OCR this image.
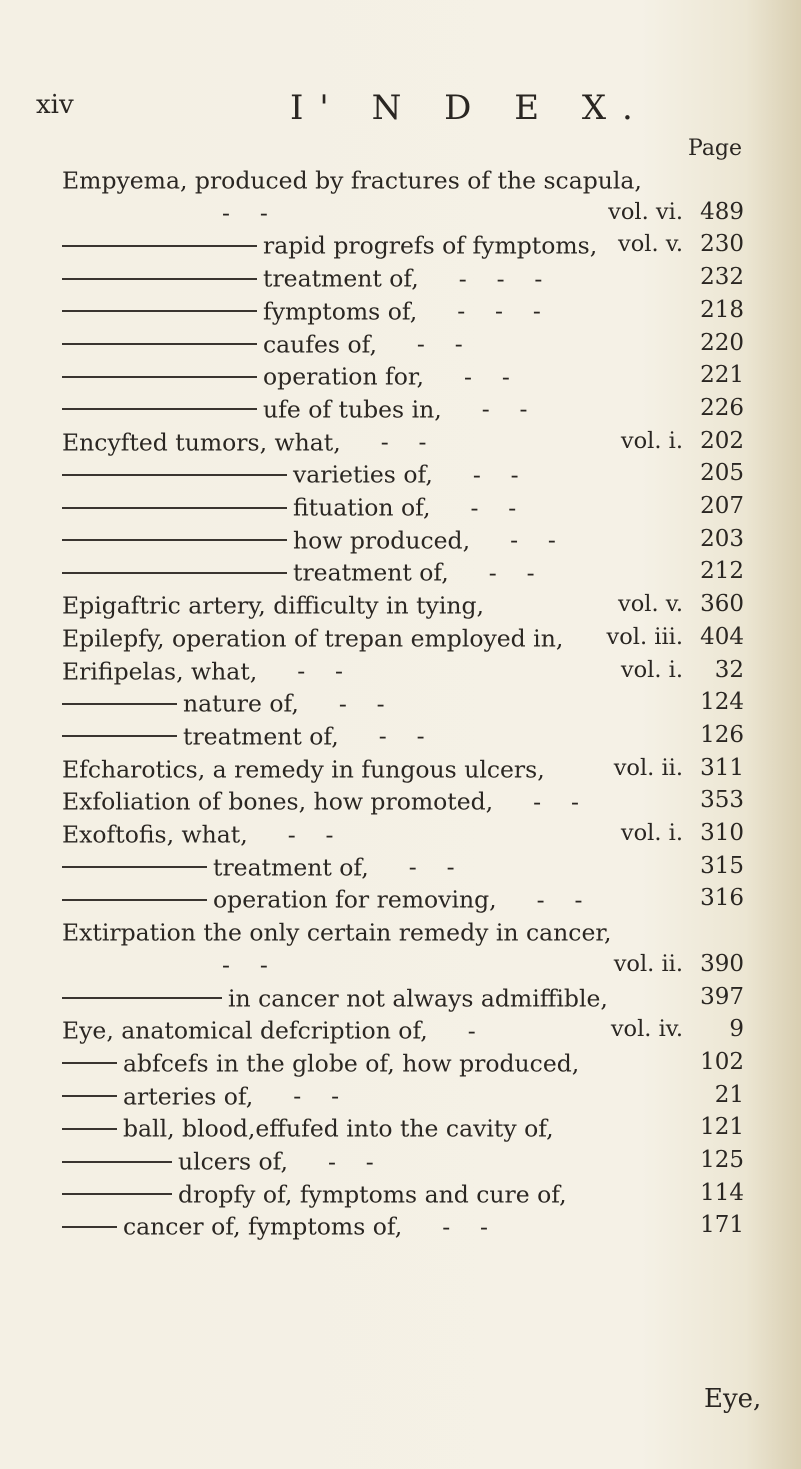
xiv	I' N D E X.
Page
Empyema, produced by fractures of the scapula,
-    -	vol. vi. 489
rapid progrefs of fymptoms, vol. v. 230
treatment of, -    -    -	232
fymptoms of, -    -    -	218
caufes of, -    -	220
operation for, -    -	221
ufe of tubes in, -    -	226
Encyfted tumors, what, -    -	vol. i. 202
varieties of, -    -	205
fituation of, -    -	207
how produced, -    -	203
treatment of, -    -	212
Epigaftric artery, difficulty in tying,	vol. v. 360
Epilepfy, operation of trepan employed in, vol. iii. 404
Erifipelas, what, -    -	vol. i.	32
nature of, -    -	124
treatment of, -    -	126
Efcharotics, a remedy in fungous ulcers,	vol. ii. 311
Exfoliation of bones, how promoted, -    -	353
Exoftofis, what, -    -	vol. i. 310
treatment of, -    -	315
operation for removing, -    -	316
Extirpation the only certain remedy in cancer,
-    -	vol. ii. 390
in cancer not always admiffible,	397
Eye, anatomical defcription of, -	vol. iv.	9
abfcefs in the globe of, how produced,	102
arteries of, -    -	21
ball, blood,effufed into the cavity of,	121
ulcers of, -    -	125
dropfy of, fymptoms and cure of,	114
cancer of, fymptoms of, -    -	171
Eye,
